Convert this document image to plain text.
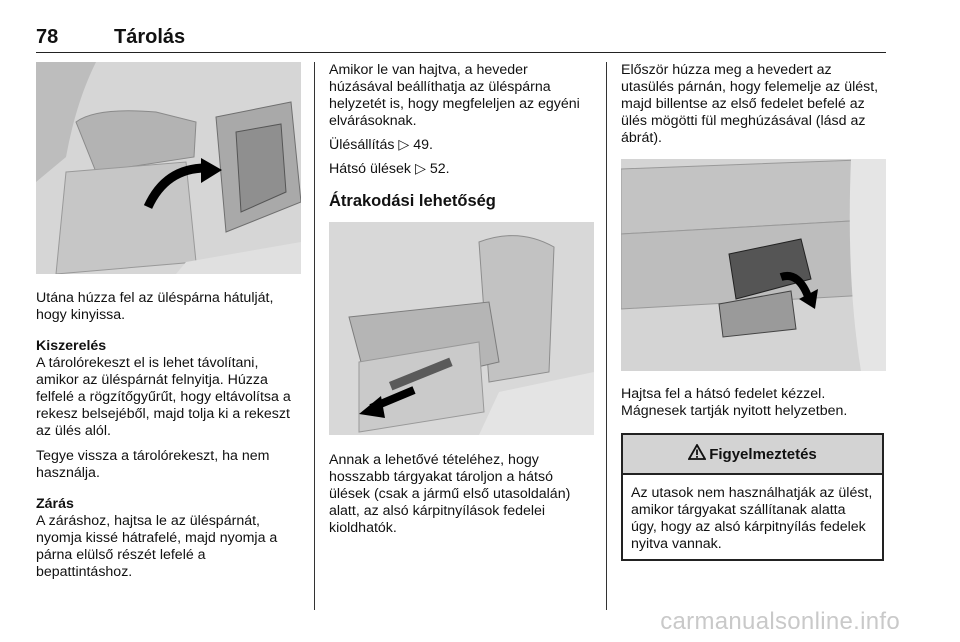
78	Tárolás

Utána húzza fel az üléspárna hátulját, hogy kinyissa.

Kiszerelés

A tárolórekeszt el is lehet távolítani, amikor az üléspárnát felnyitja. Húzza felfelé a rögzítőgyűrűt, hogy eltávolítsa a rekesz belsejéből, majd tolja ki a rekeszt az ülés alól.

Tegye vissza a tárolórekeszt, ha nem használja.

Zárás

A záráshoz, hajtsa le az üléspárnát, nyomja kissé hátrafelé, majd nyomja a párna elülső részét lefelé a bepattintáshoz.

Amikor le van hajtva, a heveder húzásával beállíthatja az üléspárna helyzetét is, hogy megfeleljen az egyéni elvárásoknak.

Ülésállítás ▷ 49.

Hátsó ülések ▷ 52.

Átrakodási lehetőség

Annak a lehetővé tételéhez, hogy hosszabb tárgyakat tároljon a hátsó ülések (csak a jármű első utasoldalán) alatt, az alsó kárpitnyílások fedelei kioldhatók.

Először húzza meg a hevedert az utasülés párnán, hogy felemelje az ülést, majd billentse az első fedelet befelé az ülés mögötti fül meghúzásával (lásd az ábrát).

Hajtsa fel a hátsó fedelet kézzel. Mágnesek tartják nyitott helyzetben.

Figyelmeztetés

Az utasok nem használhatják az ülést, amikor tárgyakat szállítanak alatta úgy, hogy az alsó kárpitnyílás fedelek nyitva vannak.

carmanualsonline.info
